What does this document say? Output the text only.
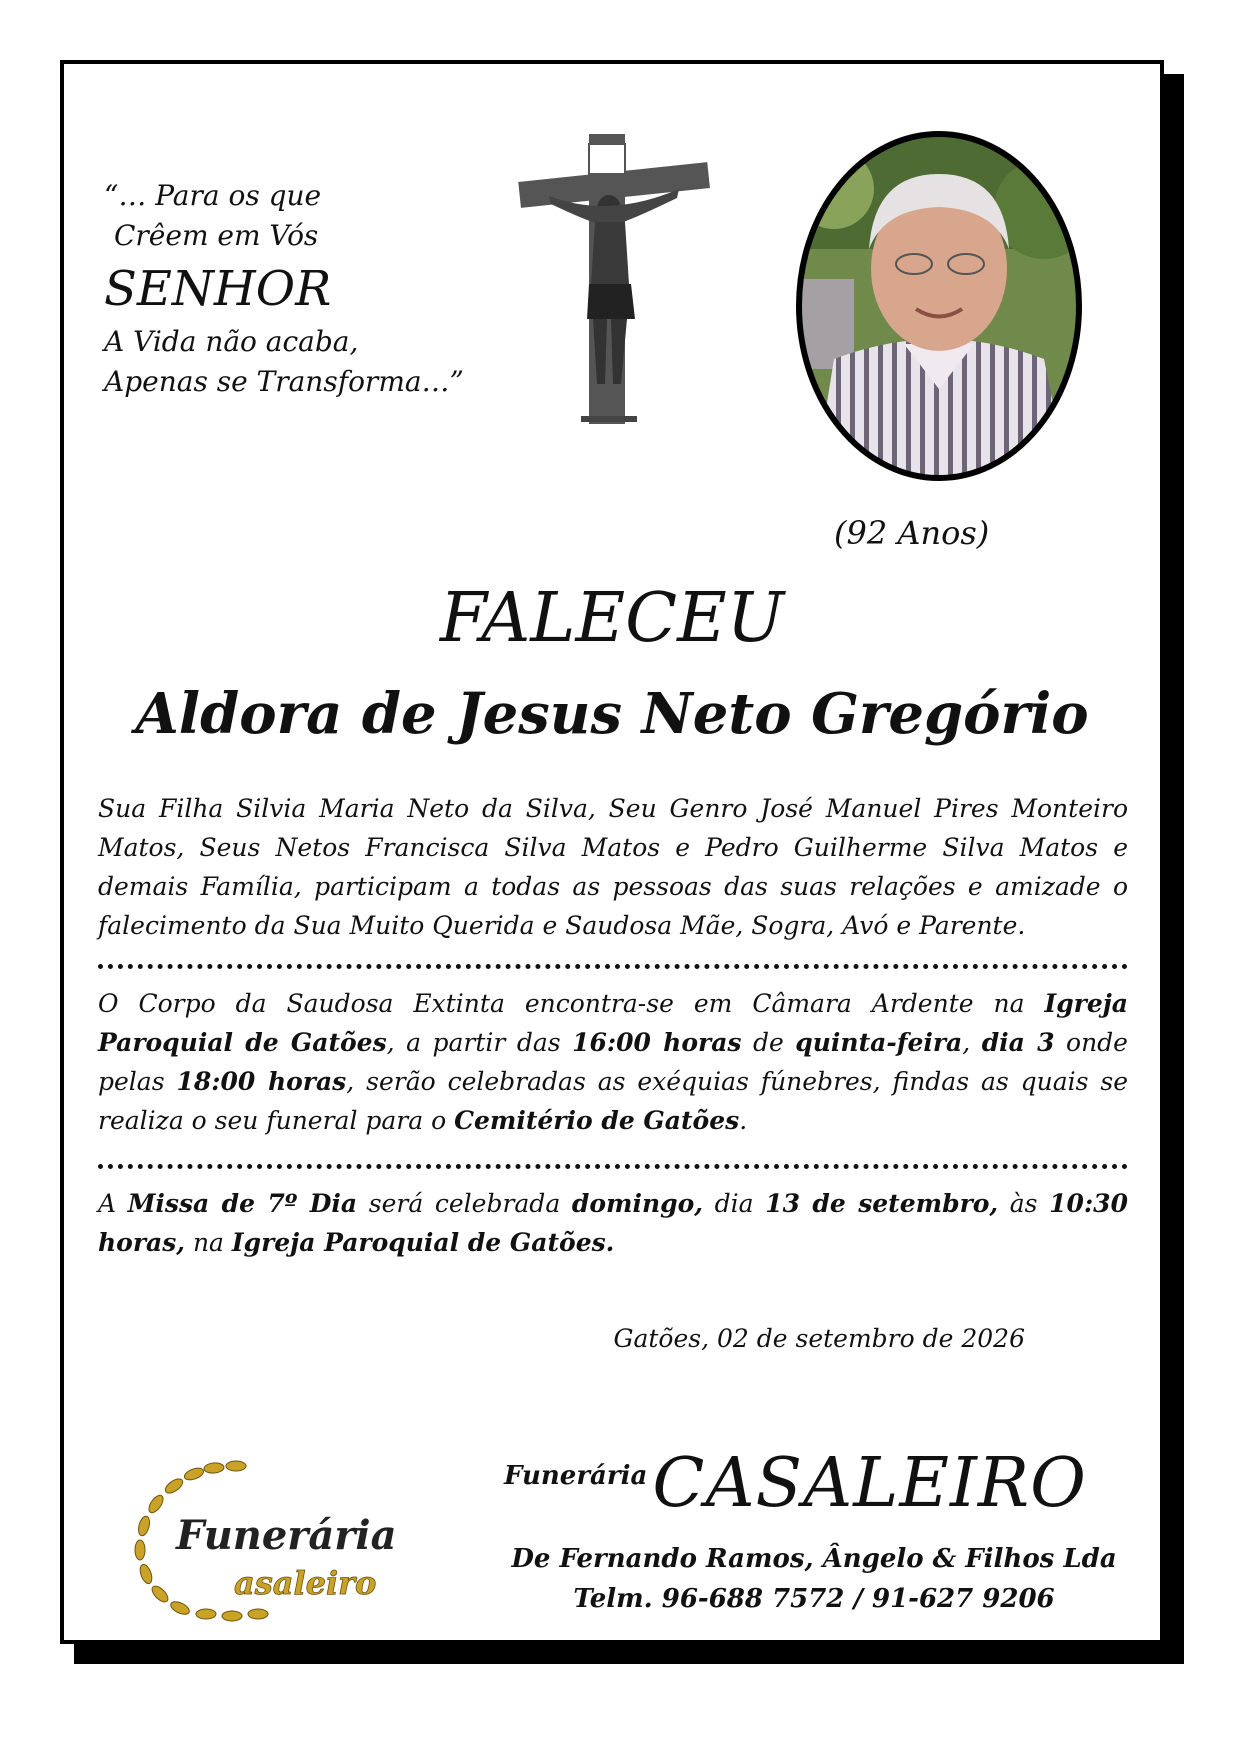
“… Para os que
Crêem em Vós
SENHOR
A Vida não acaba,
Apenas se Transforma…”
(92 Anos)
FALECEU
Aldora de Jesus Neto Gregório
Sua Filha Silvia Maria Neto da Silva, Seu Genro José Manuel Pires Monteiro Matos, Seus Netos Francisca Silva Matos e Pedro Guilherme Silva Matos e demais Família, participam a todas as pessoas das suas relações e amizade o falecimento da Sua Muito Querida e Saudosa Mãe, Sogra, Avó e Parente.
O Corpo da Saudosa Extinta encontra-se em Câmara Ardente na Igreja Paroquial de Gatões, a partir das 16:00 horas de quinta-feira, dia 3 onde pelas 18:00 horas, serão celebradas as exéquias fúnebres, findas as quais se realiza o seu funeral para o Cemitério de Gatões.
A Missa de 7º Dia será celebrada domingo, dia 13 de setembro, às 10:30 horas, na Igreja Paroquial de Gatões.
Gatões, 02 de setembro de 2026
Funerária
asaleiro
Funerária CASALEIRO
De Fernando Ramos, Ângelo & Filhos Lda
Telm. 96-688 7572 / 91-627 9206
